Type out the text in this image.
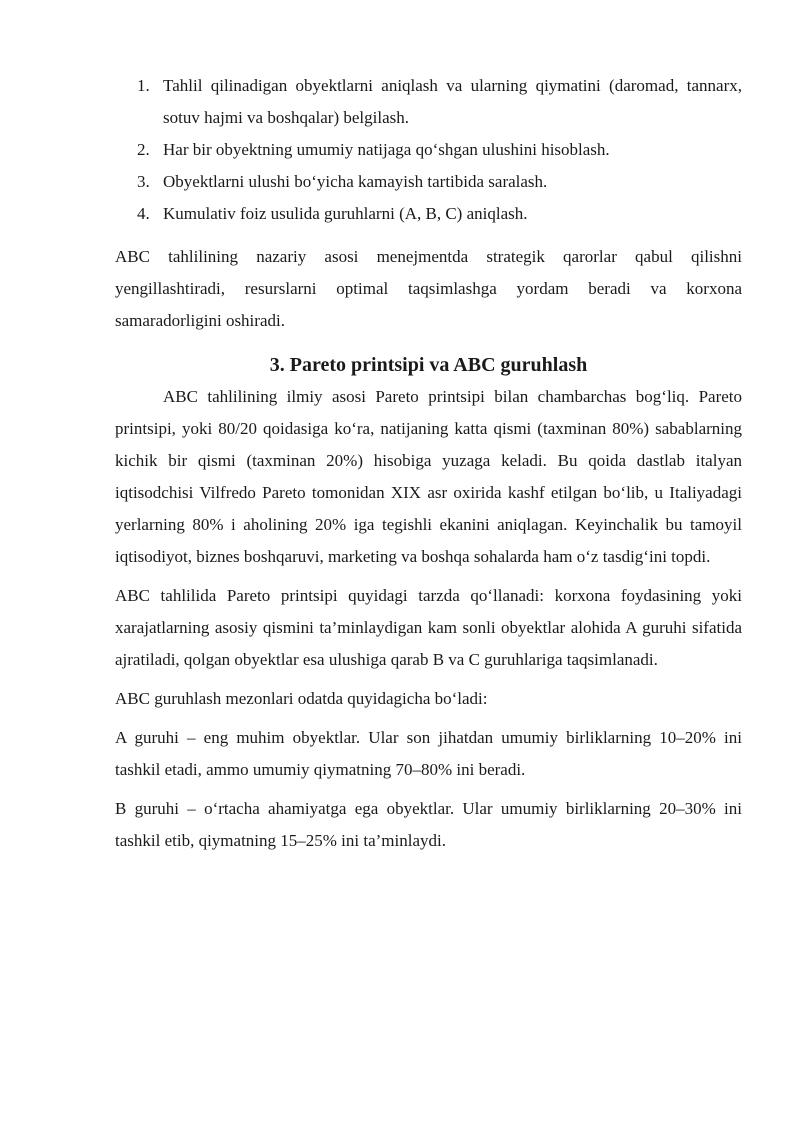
1. Tahlil qilinadigan obyektlarni aniqlash va ularning qiymatini (daromad, tannarx, sotuv hajmi va boshqalar) belgilash.
2. Har bir obyektning umumiy natijaga qo‘shgan ulushini hisoblash.
3. Obyektlarni ulushi bo‘yicha kamayish tartibida saralash.
4. Kumulativ foiz usulida guruhlarni (A, B, C) aniqlash.

ABC tahlilining nazariy asosi menejmentda strategik qarorlar qabul qilishni yengillashtiradi, resurslarni optimal taqsimlashga yordam beradi va korxona samaradorligini oshiradi.

3. Pareto printsipi va ABC guruhlash

ABC tahlilining ilmiy asosi Pareto printsipi bilan chambarchas bog‘liq. Pareto printsipi, yoki 80/20 qoidasiga ko‘ra, natijaning katta qismi (taxminan 80%) sabablarning kichik bir qismi (taxminan 20%) hisobiga yuzaga keladi. Bu qoida dastlab italyan iqtisodchisi Vilfredo Pareto tomonidan XIX asr oxirida kashf etilgan bo‘lib, u Italiyadagi yerlarning 80% i aholining 20% iga tegishli ekanini aniqlagan. Keyinchalik bu tamoyil iqtisodiyot, biznes boshqaruvi, marketing va boshqa sohalarda ham o‘z tasdig‘ini topdi.

ABC tahlilida Pareto printsipi quyidagi tarzda qo‘llanadi: korxona foydasining yoki xarajatlarning asosiy qismini ta’minlaydigan kam sonli obyektlar alohida A guruhi sifatida ajratiladi, qolgan obyektlar esa ulushiga qarab B va C guruhlariga taqsimlanadi.

ABC guruhlash mezonlari odatda quyidagicha bo‘ladi:

A guruhi – eng muhim obyektlar. Ular son jihatdan umumiy birliklarning 10–20% ini tashkil etadi, ammo umumiy qiymatning 70–80% ini beradi.

B guruhi – o‘rtacha ahamiyatga ega obyektlar. Ular umumiy birliklarning 20–30% ini tashkil etib, qiymatning 15–25% ini ta’minlaydi.
